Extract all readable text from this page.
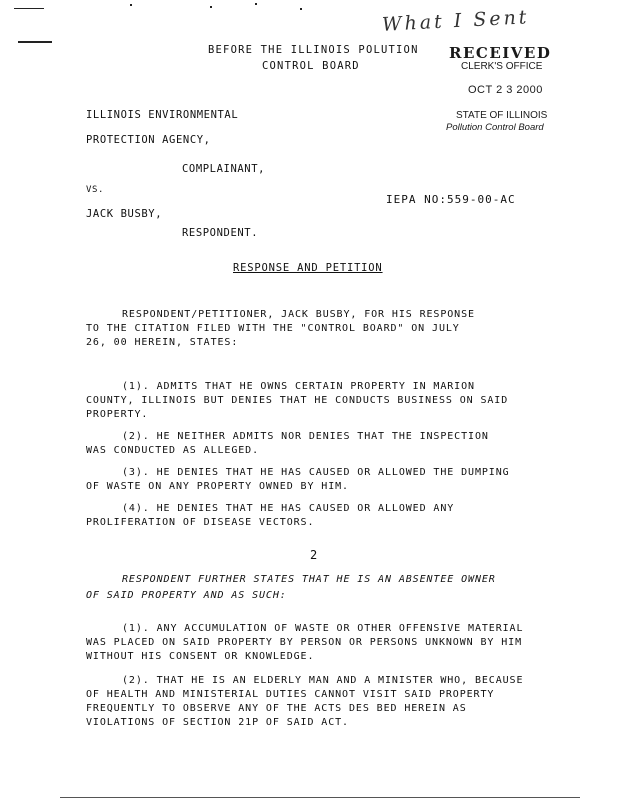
What I Sent
BEFORE THE ILLINOIS POLUTION
CONTROL BOARD
RECEIVED
CLERK'S OFFICE
OCT 2 3 2000
STATE OF ILLINOIS
Pollution Control Board
ILLINOIS ENVIRONMENTAL
PROTECTION AGENCY,
COMPLAINANT,
VS.
IEPA NO:559-00-AC
JACK BUSBY,
RESPONDENT.
RESPONSE AND PETITION
RESPONDENT/PETITIONER, JACK BUSBY, FOR HIS RESPONSE
TO THE CITATION FILED WITH THE "CONTROL BOARD" ON JULY
26, 00 HEREIN, STATES:
(1). ADMITS THAT HE OWNS CERTAIN PROPERTY IN MARION
COUNTY, ILLINOIS BUT DENIES THAT HE CONDUCTS BUSINESS ON SAID
PROPERTY.
(2). HE NEITHER ADMITS NOR DENIES THAT THE INSPECTION
WAS CONDUCTED AS ALLEGED.
(3). HE DENIES THAT HE HAS CAUSED OR ALLOWED THE DUMPING
OF WASTE ON ANY PROPERTY OWNED BY HIM.
(4). HE DENIES THAT HE HAS CAUSED OR ALLOWED ANY
PROLIFERATION OF DISEASE VECTORS.
2
RESPONDENT FURTHER STATES THAT HE IS AN ABSENTEE OWNER
OF SAID PROPERTY AND AS SUCH:
(1). ANY ACCUMULATION OF WASTE OR OTHER OFFENSIVE MATERIAL
WAS PLACED ON SAID PROPERTY BY PERSON OR PERSONS UNKNOWN BY HIM
WITHOUT HIS CONSENT OR KNOWLEDGE.
(2). THAT HE IS AN ELDERLY MAN AND A MINISTER WHO, BECAUSE
OF HEALTH AND MINISTERIAL DUTIES CANNOT VISIT SAID PROPERTY
FREQUENTLY TO OBSERVE ANY OF THE ACTS DES BED HEREIN AS
VIOLATIONS OF SECTION 21P OF SAID ACT.
